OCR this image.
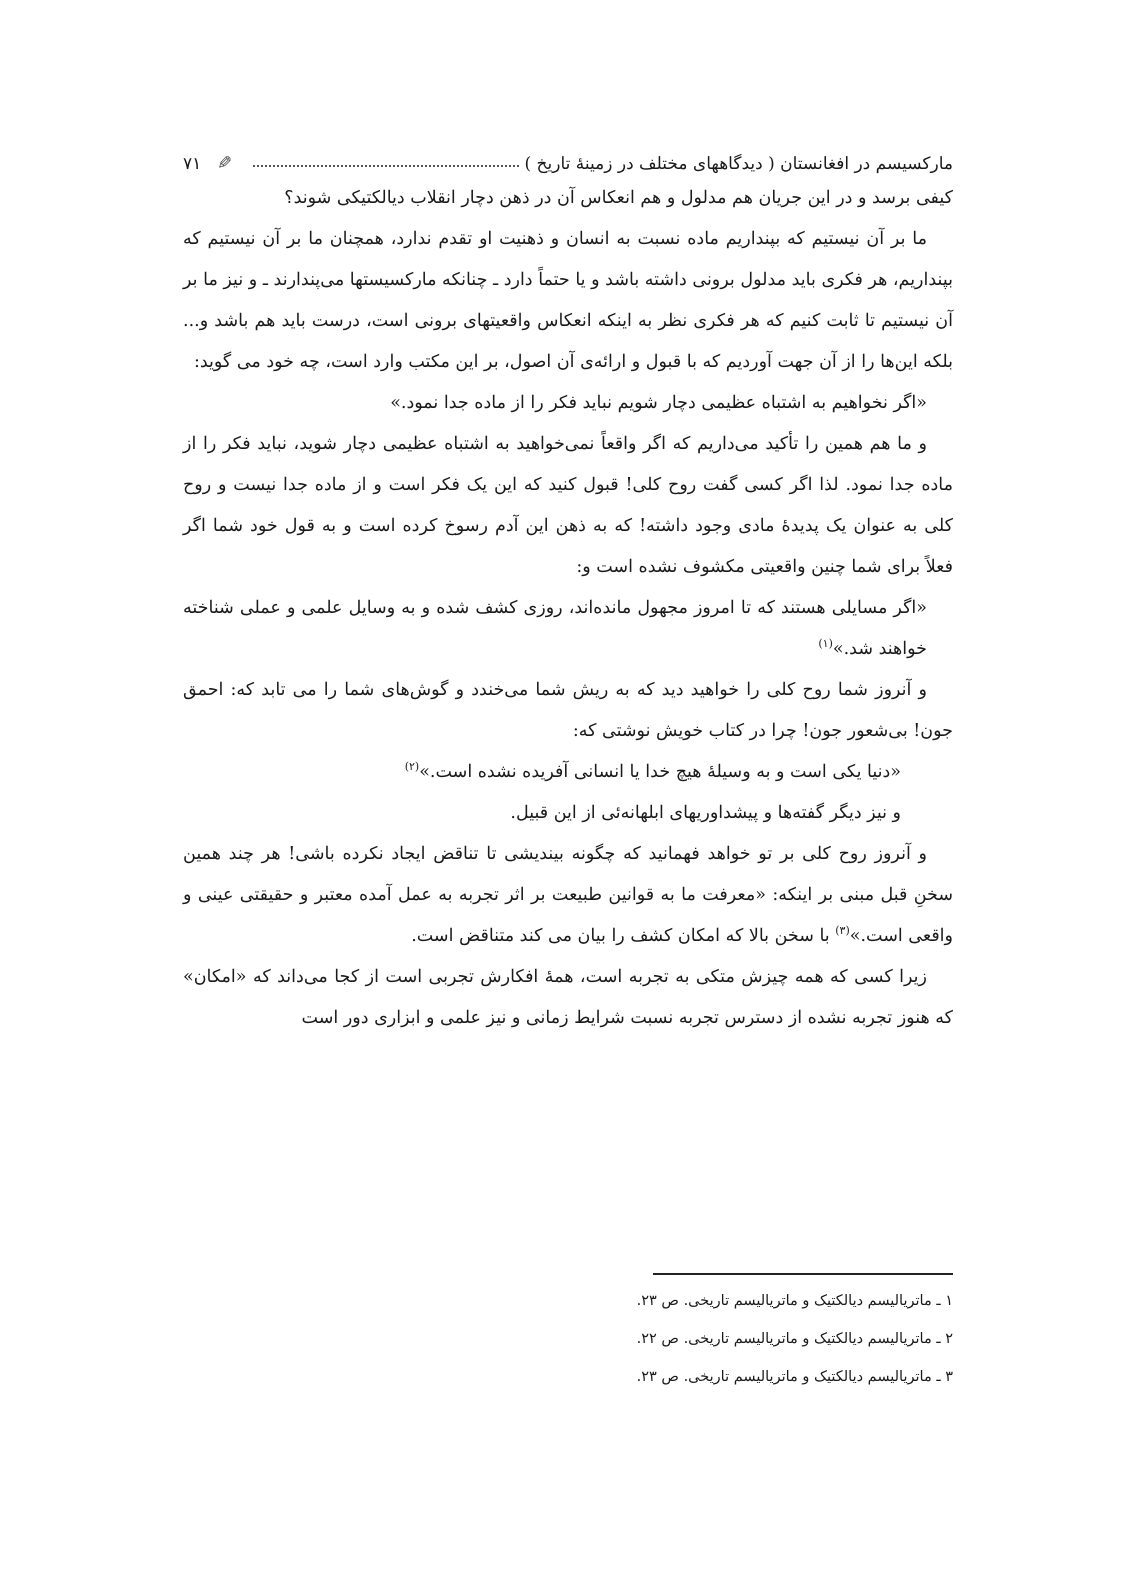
مارکسیسم در افغانستان ( دیدگاههای مختلف در زمینهٔ تاریخ )
✎
۷۱

کیفی برسد و در این جریان هم مدلول و هم انعکاس آن در ذهن دچار انقلاب دیالکتیکی شوند؟

ما بر آن نیستیم که بپنداریم ماده نسبت به انسان و ذهنیت او تقدم ندارد، همچنان ما بر آن نیستیم که بپنداریم، هر فکری باید مدلول برونی داشته باشد و یا حتماً دارد ـ چنانکه مارکسیستها می‌پندارند ـ و نیز ما بر آن نیستیم تا ثابت کنیم که هر فکری نظر به اینکه انعکاس واقعیتهای برونی است، درست باید هم باشد و... بلکه این‌ها را از آن جهت آوردیم که با قبول و ارائه‌ی آن اصول، بر این مکتب وارد است، چه خود می گوید:

«اگر نخواهیم به اشتباه عظیمی دچار شویم نباید فکر را از ماده جدا نمود.»

و ما هم همین را تأکید می‌داریم که اگر واقعاً نمی‌خواهید به اشتباه عظیمی دچار شوید، نباید فکر را از ماده جدا نمود. لذا اگر کسی گفت روح کلی! قبول کنید که این یک فکر است و از ماده جدا نیست و روح کلی به عنوان یک پدیدهٔ مادی وجود داشته! که به ذهن این آدم رسوخ کرده است و به قول خود شما اگر فعلاً برای شما چنین واقعیتی مکشوف نشده است و:

«اگر مسایلی هستند که تا امروز مجهول مانده‌اند، روزی کشف شده و به وسایل علمی و عملی شناخته خواهند شد.»$^{(۱)}$

و آنروز شما روح کلی را خواهید دید که به ریش شما می‌خندد و گوش‌های شما را می تابد که: احمق جون! بی‌شعور جون! چرا در کتاب خویش نوشتی که:

«دنیا یکی است و به وسیلهٔ هیچ خدا یا انسانی آفریده نشده است.»$^{(۲)}$

و نیز دیگر گفته‌ها و پیشداوریهای ابلهانه‌ئی از این قبیل.

و آنروز روح کلی بر تو خواهد فهمانید که چگونه بیندیشی تا تناقض ایجاد نکرده باشی! هر چند همین سخنِ قبل مبنی بر اینکه: «معرفت ما به قوانین طبیعت بر اثر تجربه به عمل آمده معتبر و حقیقتی عینی و واقعی است.»$^{(۳)}$ با سخن بالا که امکان کشف را بیان می کند متناقض است.

زیرا کسی که همه چیزش متکی به تجربه است، همهٔ افکارش تجربی است از کجا می‌داند که «امکان» که هنوز تجربه نشده از دسترس تجربه نسبت شرایط زمانی و نیز علمی و ابزاری دور است

۱ ـ ماتریالیسم دیالکتیک و ماتریالیسم تاریخی. ص ۲۳.
۲ ـ ماتریالیسم دیالکتیک و ماتریالیسم تاریخی. ص ۲۲.
۳ ـ ماتریالیسم دیالکتیک و ماتریالیسم تاریخی. ص ۲۳.
